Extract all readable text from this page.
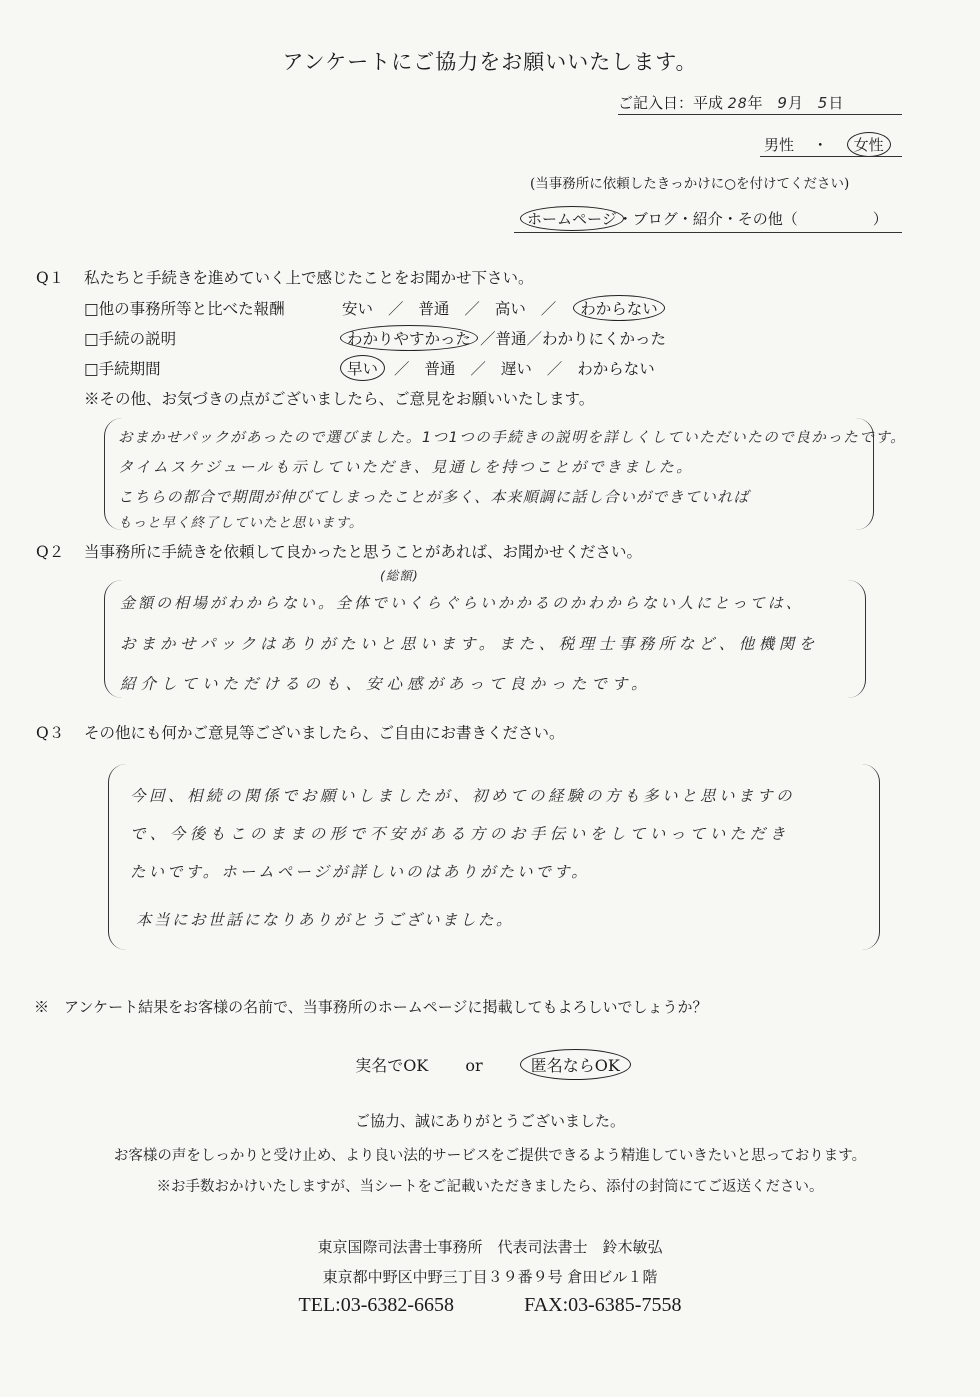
アンケートにご協力をお願いいたします。
ご記入日：平成 28年 9月 5日
男性 ・ 女性
(当事務所に依頼したきっかけに○を付けてください)
ホームページ・ブログ・紹介・その他（　　　　　）
Q１ 私たちと手続きを進めていく上で感じたことをお聞かせ下さい。
□他の事務所等と比べた報酬	安い ／ 普通 ／ 高い ／ わからない
□手続の説明	わかりやすかった ／普通／わかりにくかった
□手続期間	早い ／ 普通 ／ 遅い ／ わからない
※その他、お気づきの点がございましたら、ご意見をお願いいたします。
おまかせパックがあったので選びました。1つ1つの手続きの説明を詳しくしていただいたので良かったです。
タイムスケジュールも示していただき、見通しを持つことができました。
こちらの都合で期間が伸びてしまったことが多く、本来順調に話し合いができていれば
もっと早く終了していたと思います。
Q２ 当事務所に手続きを依頼して良かったと思うことがあれば、お聞かせください。
(総額)
金額の相場がわからない。全体でいくらぐらいかかるのかわからない人にとっては、
おまかせパックはありがたいと思います。また、税理士事務所など、他機関を
紹介していただけるのも、安心感があって良かったです。
Q３ その他にも何かご意見等ございましたら、ご自由にお書きください。
今回、相続の関係でお願いしましたが、初めての経験の方も多いと思いますの
で、今後もこのままの形で不安がある方のお手伝いをしていっていただき
たいです。ホームページが詳しいのはありがたいです。
本当にお世話になりありがとうございました。
※　アンケート結果をお客様の名前で、当事務所のホームページに掲載してもよろしいでしょうか？
実名でOK or	匿名ならOK
ご協力、誠にありがとうございました。
お客様の声をしっかりと受け止め、より良い法的サービスをご提供できるよう精進していきたいと思っております。
※お手数おかけいたしますが、当シートをご記載いただきましたら、添付の封筒にてご返送ください。
東京国際司法書士事務所　代表司法書士　鈴木敏弘
東京都中野区中野三丁目３９番９号 倉田ビル１階
TEL:03-6382-6658	FAX:03-6385-7558
